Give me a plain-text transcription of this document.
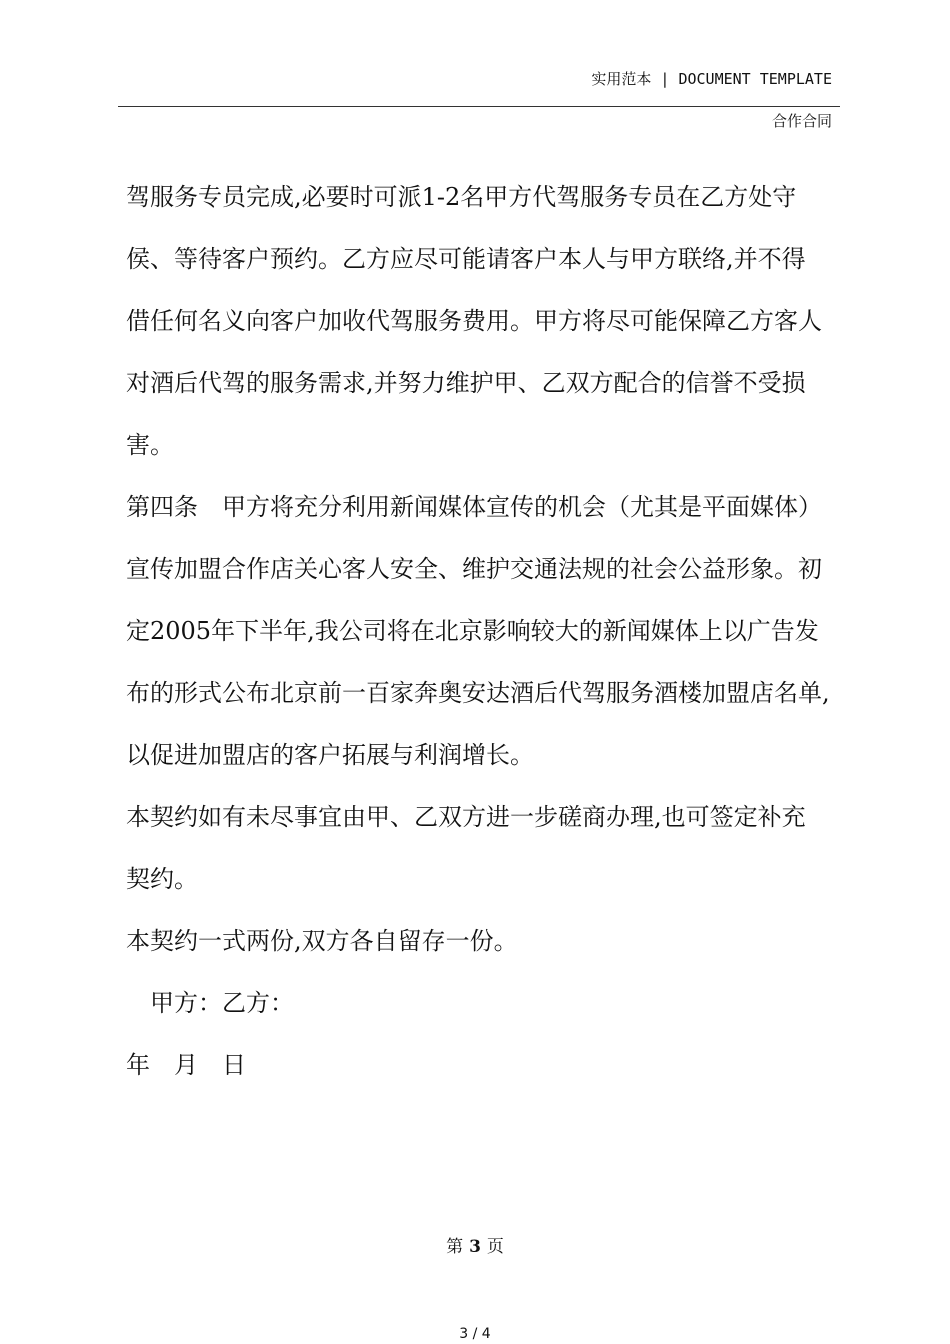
实用范本 | DOCUMENT TEMPLATE
合作合同
驾服务专员完成,必要时可派1-2名甲方代驾服务专员在乙方处守
侯、等待客户预约。乙方应尽可能请客户本人与甲方联络,并不得
借任何名义向客户加收代驾服务费用。甲方将尽可能保障乙方客人
对酒后代驾的服务需求,并努力维护甲、乙双方配合的信誉不受损
害。
第四条　甲方将充分利用新闻媒体宣传的机会（尤其是平面媒体）
宣传加盟合作店关心客人安全、维护交通法规的社会公益形象。初
定2005年下半年,我公司将在北京影响较大的新闻媒体上以广告发
布的形式公布北京前一百家奔奥安达酒后代驾服务酒楼加盟店名单,
以促进加盟店的客户拓展与利润增长。
本契约如有未尽事宜由甲、乙双方进一步磋商办理,也可签定补充
契约。
本契约一式两份,双方各自留存一份。
甲方：乙方：
年　月　日
第 3 页
3 / 4
